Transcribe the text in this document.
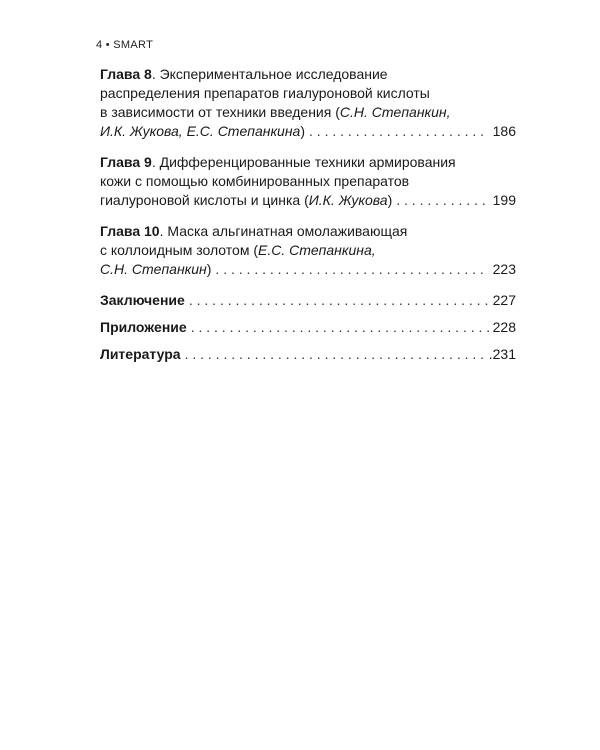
4 • SMART
Глава 8. Экспериментальное исследование
распределения препаратов гиалуроновой кислоты
в зависимости от техники введения (С.Н. Степанкин,
И.К. Жукова, Е.С. Степанкина) . . .	186
Глава 9. Дифференцированные техники армирования
кожи с помощью комбинированных препаратов
гиалуроновой кислоты и цинка (И.К. Жукова) . . .	199
Глава 10. Маска альгинатная омолаживающая
с коллоидным золотом (Е.С. Степанкина,
С.Н. Степанкин) . . .	223
Заключение . . .	227
Приложение . . .	228
Литература . . .	.231
